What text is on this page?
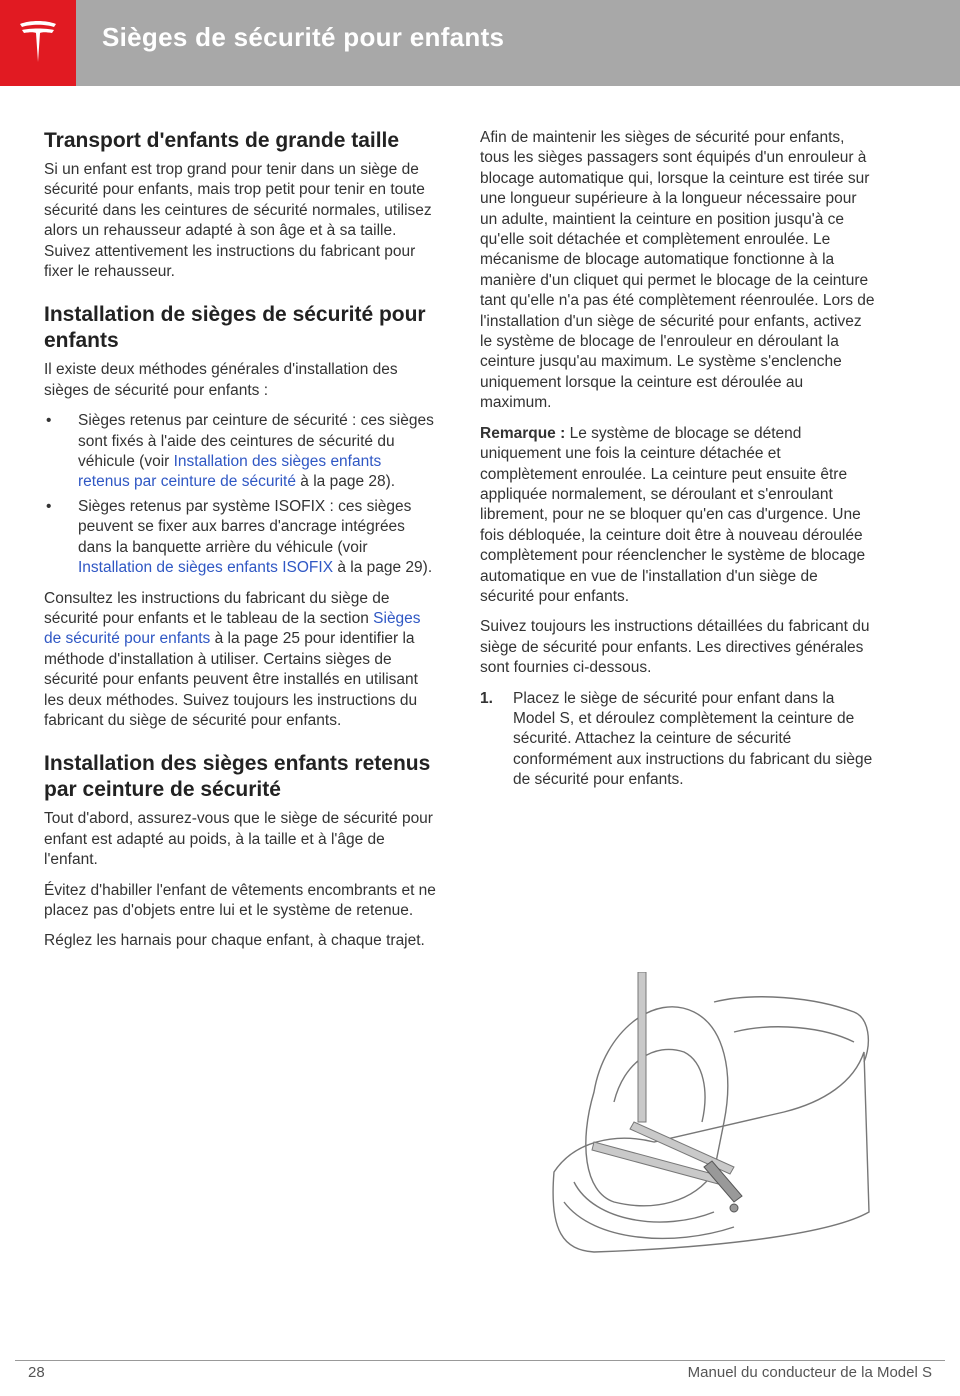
Sièges de sécurité pour enfants
Transport d'enfants de grande taille

Si un enfant est trop grand pour tenir dans un siège de sécurité pour enfants, mais trop petit pour tenir en toute sécurité dans les ceintures de sécurité normales, utilisez alors un rehausseur adapté à son âge et à sa taille. Suivez attentivement les instructions du fabricant pour fixer le rehausseur.

Installation de sièges de sécurité pour enfants

Il existe deux méthodes générales d'installation des sièges de sécurité pour enfants :

• Sièges retenus par ceinture de sécurité : ces sièges sont fixés à l'aide des ceintures de sécurité du véhicule (voir Installation des sièges enfants retenus par ceinture de sécurité à la page 28).
• Sièges retenus par système ISOFIX : ces sièges peuvent se fixer aux barres d'ancrage intégrées dans la banquette arrière du véhicule (voir Installation de sièges enfants ISOFIX à la page 29).

Consultez les instructions du fabricant du siège de sécurité pour enfants et le tableau de la section Sièges de sécurité pour enfants à la page 25 pour identifier la méthode d'installation à utiliser. Certains sièges de sécurité pour enfants peuvent être installés en utilisant les deux méthodes. Suivez toujours les instructions du fabricant du siège de sécurité pour enfants.

Installation des sièges enfants retenus par ceinture de sécurité

Tout d'abord, assurez-vous que le siège de sécurité pour enfant est adapté au poids, à la taille et à l'âge de l'enfant.

Évitez d'habiller l'enfant de vêtements encombrants et ne placez pas d'objets entre lui et le système de retenue.

Réglez les harnais pour chaque enfant, à chaque trajet.

Afin de maintenir les sièges de sécurité pour enfants, tous les sièges passagers sont équipés d'un enrouleur à blocage automatique qui, lorsque la ceinture est tirée sur une longueur supérieure à la longueur nécessaire pour un adulte, maintient la ceinture en position jusqu'à ce qu'elle soit détachée et complètement enroulée. Le mécanisme de blocage automatique fonctionne à la manière d'un cliquet qui permet le blocage de la ceinture tant qu'elle n'a pas été complètement réenroulée. Lors de l'installation d'un siège de sécurité pour enfants, activez le système de blocage de l'enrouleur en déroulant la ceinture jusqu'au maximum. Le système s'enclenche uniquement lorsque la ceinture est déroulée au maximum.

Remarque : Le système de blocage se détend uniquement une fois la ceinture détachée et complètement enroulée. La ceinture peut ensuite être appliquée normalement, se déroulant et s'enroulant librement, pour ne se bloquer qu'en cas d'urgence. Une fois débloquée, la ceinture doit être à nouveau déroulée complètement pour réenclencher le système de blocage automatique en vue de l'installation d'un siège de sécurité pour enfants.

Suivez toujours les instructions détaillées du fabricant du siège de sécurité pour enfants. Les directives générales sont fournies ci-dessous.

1. Placez le siège de sécurité pour enfant dans la Model S, et déroulez complètement la ceinture de sécurité. Attachez la ceinture de sécurité conformément aux instructions du fabricant du siège de sécurité pour enfants.
28	Manuel du conducteur de la Model S
